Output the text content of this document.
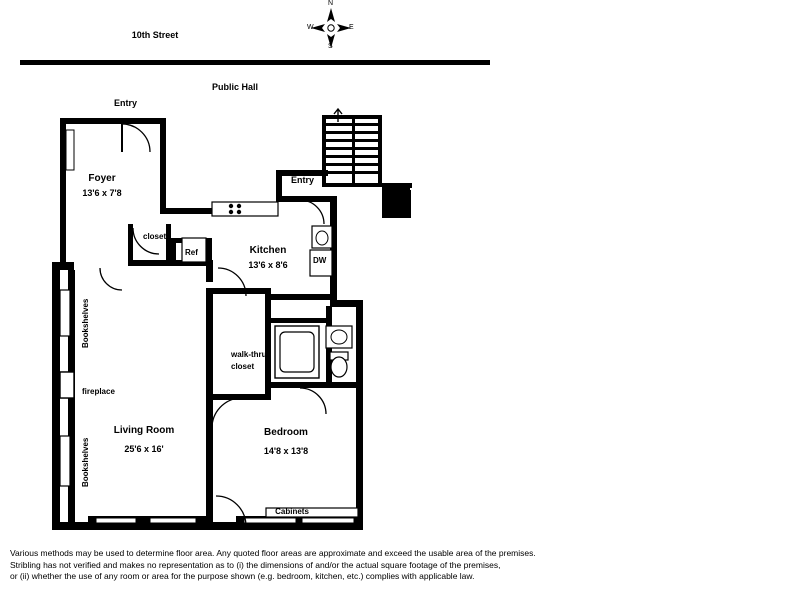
10th Street
Public Hall
N
S
E
W
Entry
Entry
Foyer
13'6 x 7'8
Kitchen
13'6 x 8'6
Living Room
25'6 x 16'
Bedroom
14'8 x 13'8
closet
Ref
DW
walk-thru
closet
fireplace
Bookshelves
Bookshelves
Cabinets
Various methods may be used to determine floor area. Any quoted floor areas are approximate and exceed the usable area of the premises.
Stribling has not verified and makes no representation as to (i) the dimensions of and/or the actual square footage of the premises,
or (ii) whether the use of any room or area for the purpose shown (e.g. bedroom, kitchen, etc.) complies with applicable law.
